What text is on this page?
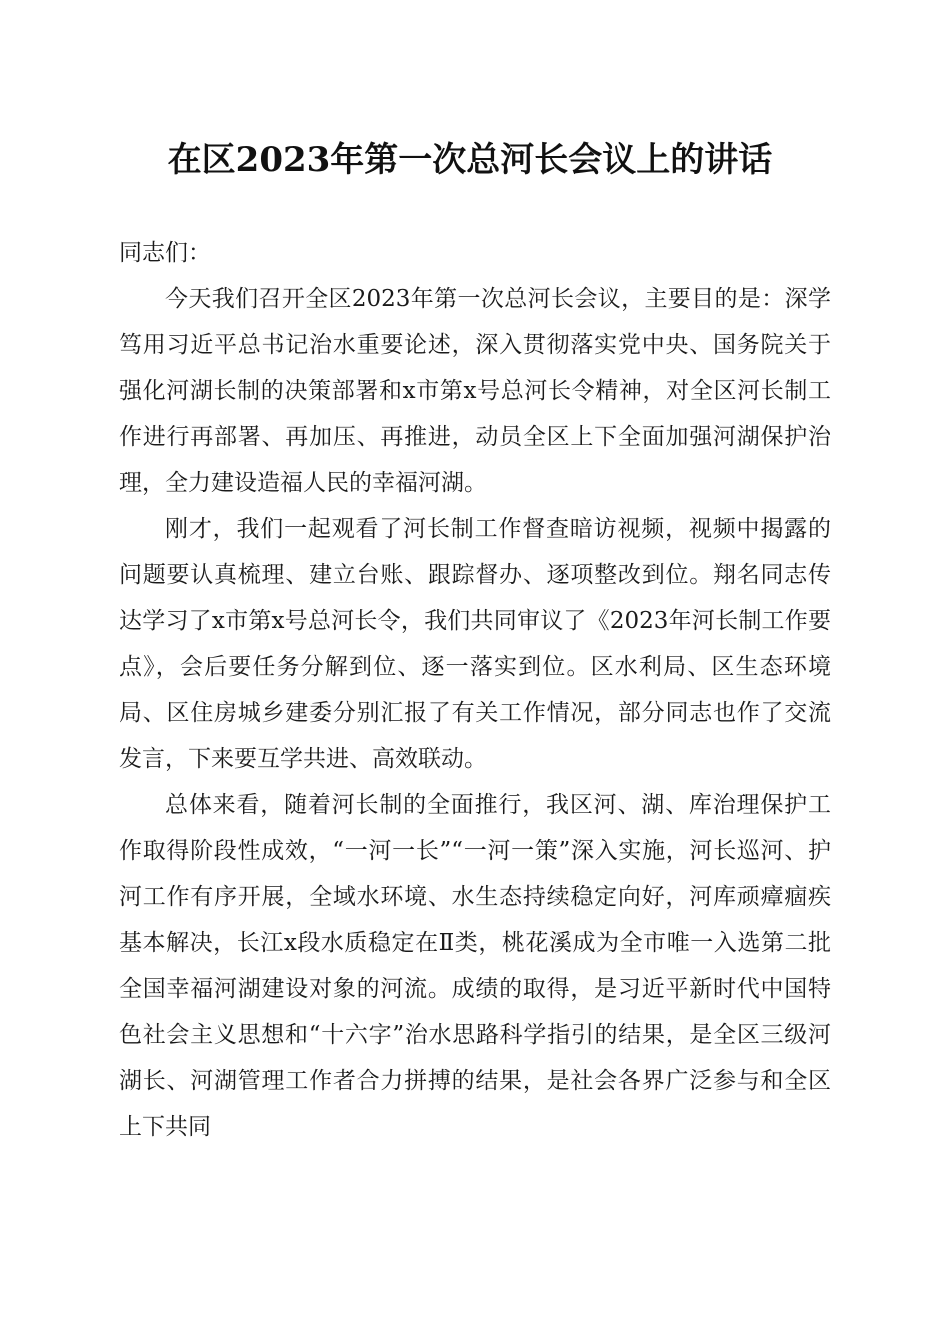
在区2023年第一次总河长会议上的讲话

同志们：

今天我们召开全区2023年第一次总河长会议，主要目的是：深学笃用习近平总书记治水重要论述，深入贯彻落实党中央、国务院关于强化河湖长制的决策部署和x市第x号总河长令精神，对全区河长制工作进行再部署、再加压、再推进，动员全区上下全面加强河湖保护治理，全力建设造福人民的幸福河湖。

刚才，我们一起观看了河长制工作督查暗访视频，视频中揭露的问题要认真梳理、建立台账、跟踪督办、逐项整改到位。翔名同志传达学习了x市第x号总河长令，我们共同审议了《2023年河长制工作要点》，会后要任务分解到位、逐一落实到位。区水利局、区生态环境局、区住房城乡建委分别汇报了有关工作情况，部分同志也作了交流发言，下来要互学共进、高效联动。

总体来看，随着河长制的全面推行，我区河、湖、库治理保护工作取得阶段性成效，“一河一长”“一河一策”深入实施，河长巡河、护河工作有序开展，全域水环境、水生态持续稳定向好，河库顽瘴痼疾基本解决，长江x段水质稳定在Ⅱ类，桃花溪成为全市唯一入选第二批全国幸福河湖建设对象的河流。成绩的取得，是习近平新时代中国特色社会主义思想和“十六字”治水思路科学指引的结果，是全区三级河湖长、河湖管理工作者合力拼搏的结果，是社会各界广泛参与和全区上下共同
